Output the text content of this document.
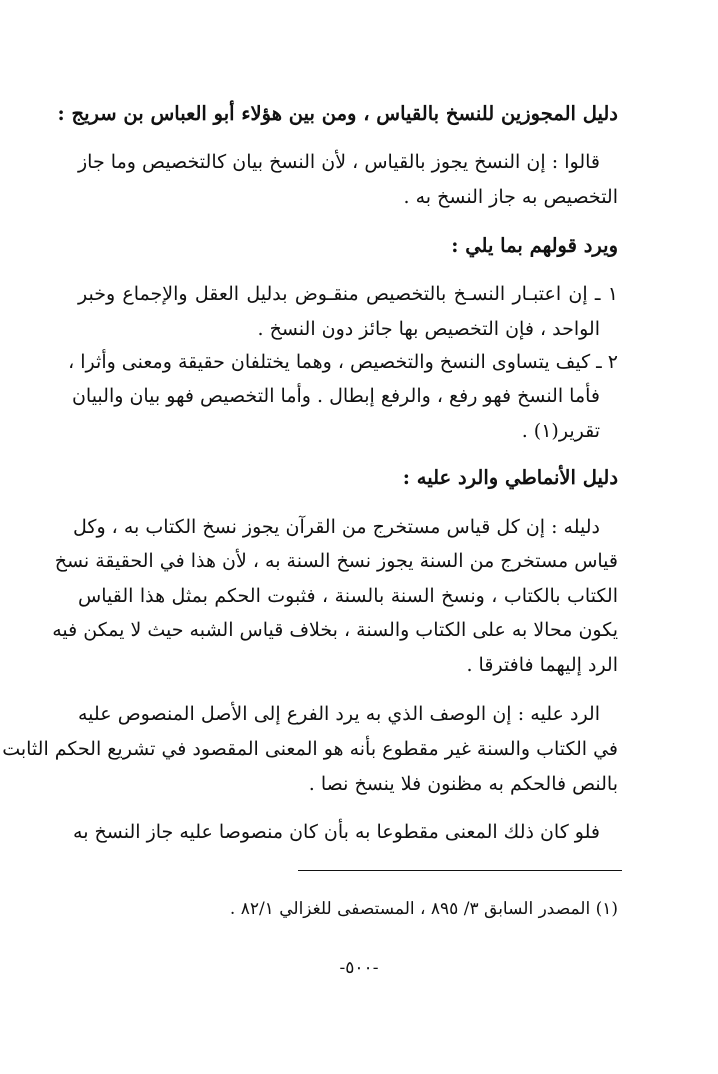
دليل المجوزين للنسخ بالقياس ، ومن بين هؤلاء أبو العباس بن سريج :
قالوا : إن النسخ يجوز بالقياس ، لأن النسخ بيان كالتخصيص وما جاز
التخصيص به جاز النسخ به .
ويرد قولهم بما يلي :
١ ـ إن اعتبـار النسـخ بالتخصيص منقـوض بدليل العقل والإجماع وخبر
الواحد ، فإن التخصيص بها جائز دون النسخ .
٢ ـ كيف يتساوى النسخ والتخصيص ، وهما يختلفان حقيقة ومعنى وأثرا ،
فأما النسخ فهو رفع ، والرفع إبطال . وأما التخصيص فهو بيان والبيان
تقرير(١) .
دليل الأنماطي والرد عليه :
دليله : إن كل قياس مستخرج من القرآن يجوز نسخ الكتاب به ، وكل
قياس مستخرج من السنة يجوز نسخ السنة به ، لأن هذا في الحقيقة نسخ
الكتاب بالكتاب ، ونسخ السنة بالسنة ، فثبوت الحكم بمثل هذا القياس
يكون محالا به على الكتاب والسنة ، بخلاف قياس الشبه حيث لا يمكن فيه
الرد إليهما فافترقا .
الرد عليه : إن الوصف الذي به يرد الفرع إلى الأصل المنصوص عليه
في الكتاب والسنة غير مقطوع بأنه هو المعنى المقصود في تشريع الحكم الثابت
بالنص فالحكم به مظنون فلا ينسخ نصا .
فلو كان ذلك المعنى مقطوعا به بأن كان منصوصا عليه جاز النسخ به
(١) المصدر السابق ٣/ ٨٩٥ ، المستصفى للغزالي ٨٢/١ .
-٥٠٠-
